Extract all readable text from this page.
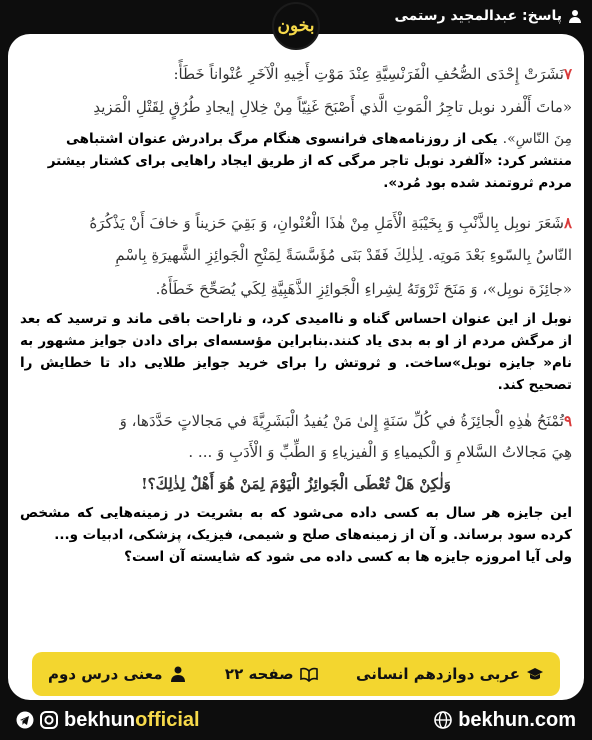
پاسخ: عبدالمجید رستمی
بخون
۷نَشَرَتْ إِحْدَى الصُّحُفِ الْفَرَنْسِيَّةِ عِنْدَ مَوْتِ أَخِيهِ الْآخَرِ عُنْواناً خَطَأً:
«ماتَ أَلْفرد نوبل تاجِرُ الْمَوتِ الَّذي أَصْبَحَ غَنِيّاً مِنْ خِلالِ إيجادِ طُرُقٍ لِقَتْلِ الْمَزيدِ
مِنَ النّاسِ». یکی از روزنامه‌های فرانسوی هنگام مرگ برادرش عنوان اشتباهی منتشر کرد: «آلفرد نوبل تاجر مرگی که از طریق ایجاد راهایی برای کشتار بیشتر مردم ثروتمند شده بود مُرد».
۸شَعَرَ نوبِل بِالذَّنْبِ وَ بِخَيْبَةِ الْأَمَلِ مِنْ هٰذَا الْعُنْوانِ، وَ بَقِيَ حَزيناً وَ خافَ أَنْ يَذْكُرَهُ
النّاسُ بِالسّوءِ بَعْدَ مَوتِه. لِذٰلِكَ فَقَدْ بَنَى مُؤَسَّسَةً لِمَنْحِ الْجَوائِزِ الشَّهيرَةِ بِاسْمِ
«جائِزَة نوبِل»، وَ مَنَحَ ثَرْوَتَهُ لِشِراءِ الْجَوائِزِ الذَّهَبِيَّةِ لِكَي يُصَحِّحَ خَطَأَهُ.
نوبل از این عنوان احساس گناه و ناامیدی کرد، و ناراحت باقی ماند و ترسید که بعد از مرگش مردم از او به بدی یاد کنند.بنابراین مؤسسه‌ای برای دادن جوایز مشهور به نام« جایزه نوبل»ساخت. و ثروتش را برای خرید جوایز طلایی داد تا خطایش را تصحیح کند.
۹تُمْنَحُ هٰذِهِ الْجائِزَةُ في كُلِّ سَنَةٍ إِلىٰ مَنْ يُفيدُ الْبَشَرِيَّةَ في مَجالاتٍ حَدَّدَها، وَ
هِيَ مَجالاتُ السَّلامِ وَ الْكيمياءِ وَ الْفيزياءِ وَ الطِّبِّ وَ الْأَدَبِ وَ ... .
وَلٰكِنْ هَلْ تُعْطَى الْجَوائِزُ الْيَوْمَ لِمَنْ هُوَ أَهْلٌ لِذٰلِكَ؟!
این جایزه هر سال به کسی داده می‌شود که به بشریت در زمینه‌هایی که مشخص کرده سود برساند. و آن از زمینه‌های صلح و شیمی، فیزیک، پزشکی، ادبیات و...
ولی آیا امروزه جایزه ها به کسی داده می شود که شایسته آن است؟
عربی دوازدهم انسانی
صفحه ۲۲
معنی درس دوم
bekhun official	bekhun.com
